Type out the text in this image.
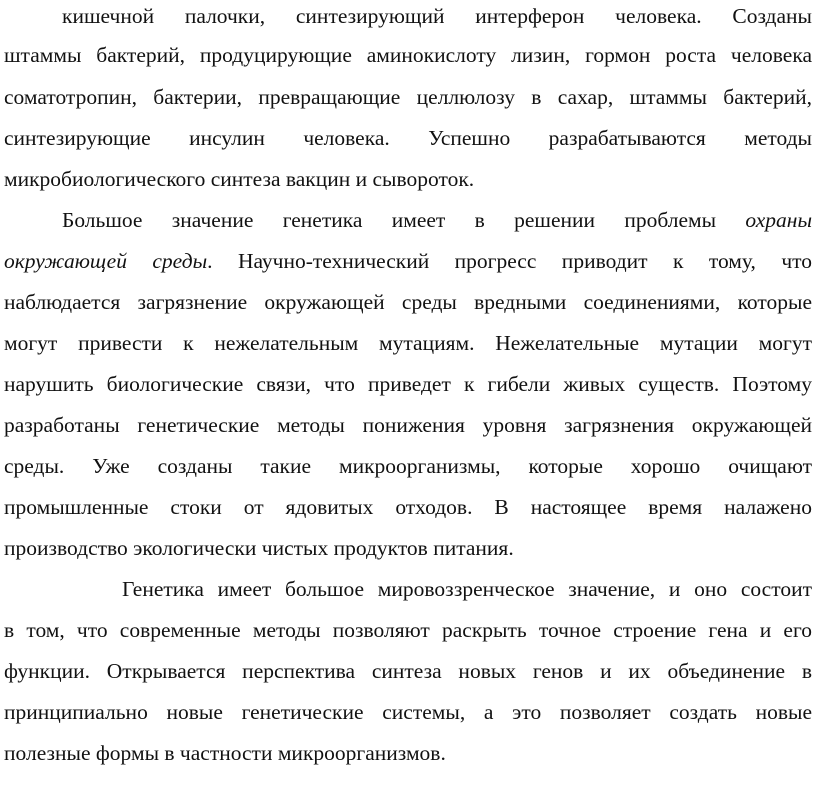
кишечной палочки, синтезирующий интерферон человека. Созданы
штаммы бактерий, продуцирующие аминокислоту лизин, гормон роста человека
соматотропин, бактерии, превращающие целлюлозу в сахар, штаммы бактерий,
синтезирующие инсулин человека. Успешно разрабатываются методы
микробиологического синтеза вакцин и сывороток.
Большое значение генетика имеет в решении проблемы охраны
окружающей среды. Научно-технический прогресс приводит к тому, что
наблюдается загрязнение окружающей среды вредными соединениями, которые
могут привести к нежелательным мутациям. Нежелательные мутации могут
нарушить биологические связи, что приведет к гибели живых существ. Поэтому
разработаны генетические методы понижения уровня загрязнения окружающей
среды. Уже созданы такие микроорганизмы, которые хорошо очищают
промышленные стоки от ядовитых отходов. В настоящее время налажено
производство экологически чистых продуктов питания.
Генетика имеет большое мировоззренческое значение, и оно состоит
в том, что современные методы позволяют раскрыть точное строение гена и его
функции. Открывается перспектива синтеза новых генов и их объединение в
принципиально новые генетические системы, а это позволяет создать новые
полезные формы в частности микроорганизмов.
